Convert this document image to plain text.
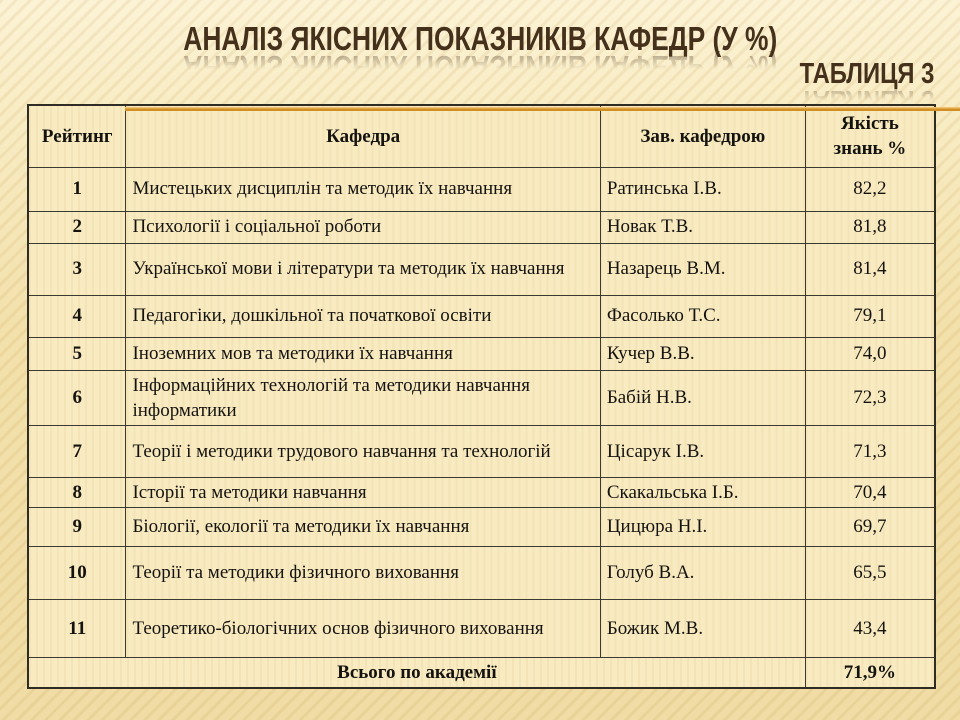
АНАЛІЗ ЯКІСНИХ ПОКАЗНИКІВ КАФЕДР (У %)
ТАБЛИЦЯ 3
Рейтинг	Кафедра	Зав. кафедрою	Якість
знань %

1	Мистецьких дисциплін та методик їх навчання	Ратинська І.В.	82,2
2	Психології і соціальної роботи	Новак Т.В.	81,8
3	Української мови і літератури та методик їх навчання	Назарець В.М.	81,4
4	Педагогіки, дошкільної та початкової освіти	Фасолько Т.С.	79,1
5	Іноземних мов та методики їх навчання	Кучер В.В.	74,0
6	Інформаційних технологій та методики навчання інформатики	Бабій Н.В.	72,3
7	Теорії і методики трудового навчання та технологій	Цісарук І.В.	71,3
8	Історії та методики навчання	Скакальська І.Б.	70,4
9	Біології, екології та методики їх навчання	Цицюра Н.І.	69,7
10	Теорії та методики фізичного виховання	Голуб В.А.	65,5
11	Теоретико-біологічних основ фізичного виховання	Божик М.В.	43,4
Всього по академії			71,9%
